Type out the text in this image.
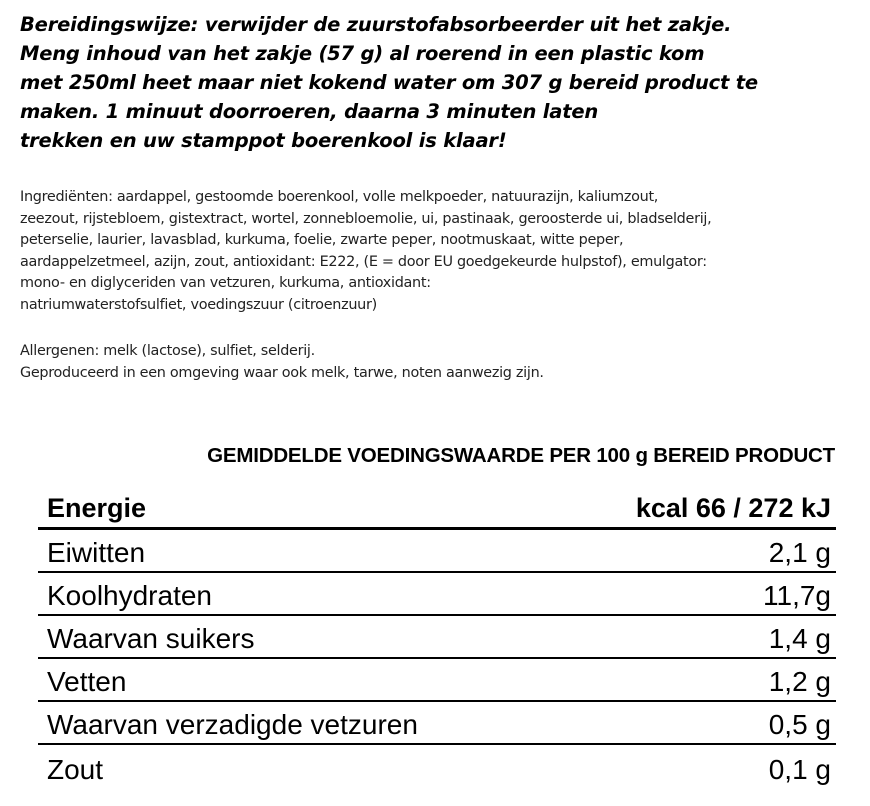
Bereidingswijze: verwijder de zuurstofabsorbeerder uit het zakje.
Meng inhoud van het zakje (57 g) al roerend in een plastic kom
met 250ml heet maar niet kokend water om 307 g bereid product te
maken. 1 minuut doorroeren, daarna 3 minuten laten
trekken en uw stamppot boerenkool is klaar!
Ingrediënten: aardappel, gestoomde boerenkool, volle melkpoeder, natuurazijn, kaliumzout,
zeezout, rijstebloem, gistextract, wortel, zonnebloemolie, ui, pastinaak, geroosterde ui, bladselderij,
peterselie, laurier, lavasblad, kurkuma, foelie, zwarte peper, nootmuskaat, witte peper,
aardappelzetmeel, azijn, zout, antioxidant: E222, (E = door EU goedgekeurde hulpstof), emulgator:
mono- en diglyceriden van vetzuren, kurkuma, antioxidant:
natriumwaterstofsulfiet, voedingszuur (citroenzuur)
Allergenen: melk (lactose), sulfiet, selderij.
Geproduceerd in een omgeving waar ook melk, tarwe, noten aanwezig zijn.
GEMIDDELDE VOEDINGSWAARDE PER 100 g BEREID PRODUCT
Energie	kcal 66 / 272 kJ
Eiwitten	2,1 g
Koolhydraten	11,7g
Waarvan suikers	1,4 g
Vetten	1,2 g
Waarvan verzadigde vetzuren	0,5 g
Zout	0,1 g
